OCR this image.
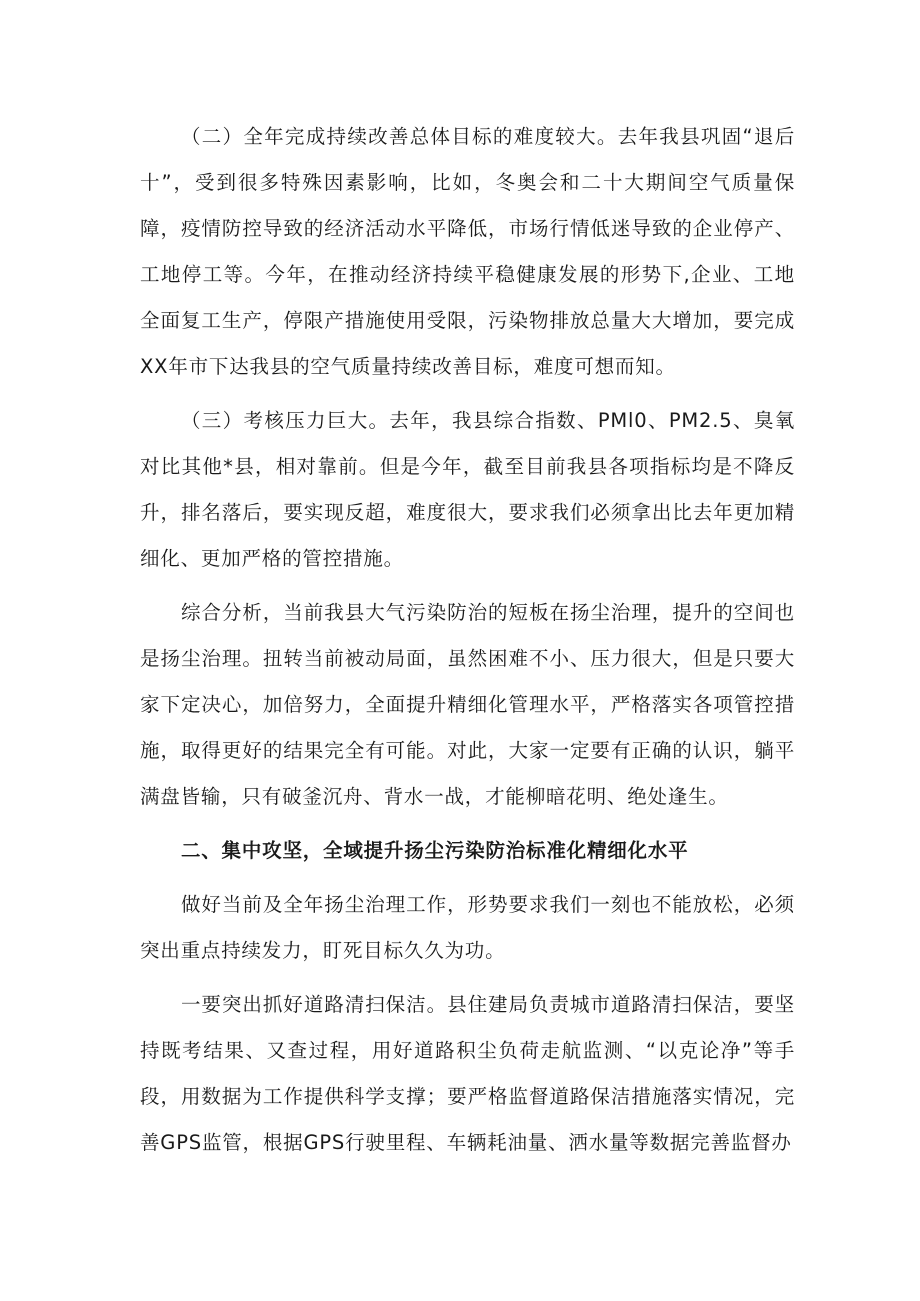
（二）全年完成持续改善总体目标的难度较大。去年我县巩固“退后十”，受到很多特殊因素影响，比如，冬奥会和二十大期间空气质量保障，疫情防控导致的经济活动水平降低，市场行情低迷导致的企业停产、工地停工等。今年，在推动经济持续平稳健康发展的形势下,企业、工地全面复工生产，停限产措施使用受限，污染物排放总量大大增加，要完成XX年市下达我县的空气质量持续改善目标，难度可想而知。

（三）考核压力巨大。去年，我县综合指数、PMl0、PM2.5、臭氧对比其他*县，相对靠前。但是今年，截至目前我县各项指标均是不降反升，排名落后，要实现反超，难度很大，要求我们必须拿出比去年更加精细化、更加严格的管控措施。

综合分析，当前我县大气污染防治的短板在扬尘治理，提升的空间也是扬尘治理。扭转当前被动局面，虽然困难不小、压力很大，但是只要大家下定决心，加倍努力，全面提升精细化管理水平，严格落实各项管控措施，取得更好的结果完全有可能。对此，大家一定要有正确的认识，躺平满盘皆输，只有破釜沉舟、背水一战，才能柳暗花明、绝处逢生。

二、集中攻坚，全域提升扬尘污染防治标准化精细化水平

做好当前及全年扬尘治理工作，形势要求我们一刻也不能放松，必须突出重点持续发力，盯死目标久久为功。

一要突出抓好道路清扫保洁。县住建局负责城市道路清扫保洁，要坚持既考结果、又查过程，用好道路积尘负荷走航监测、“以克论净”等手段，用数据为工作提供科学支撑；要严格监督道路保洁措施落实情况，完善GPS监管，根据GPS行驶里程、车辆耗油量、洒水量等数据完善监督办
